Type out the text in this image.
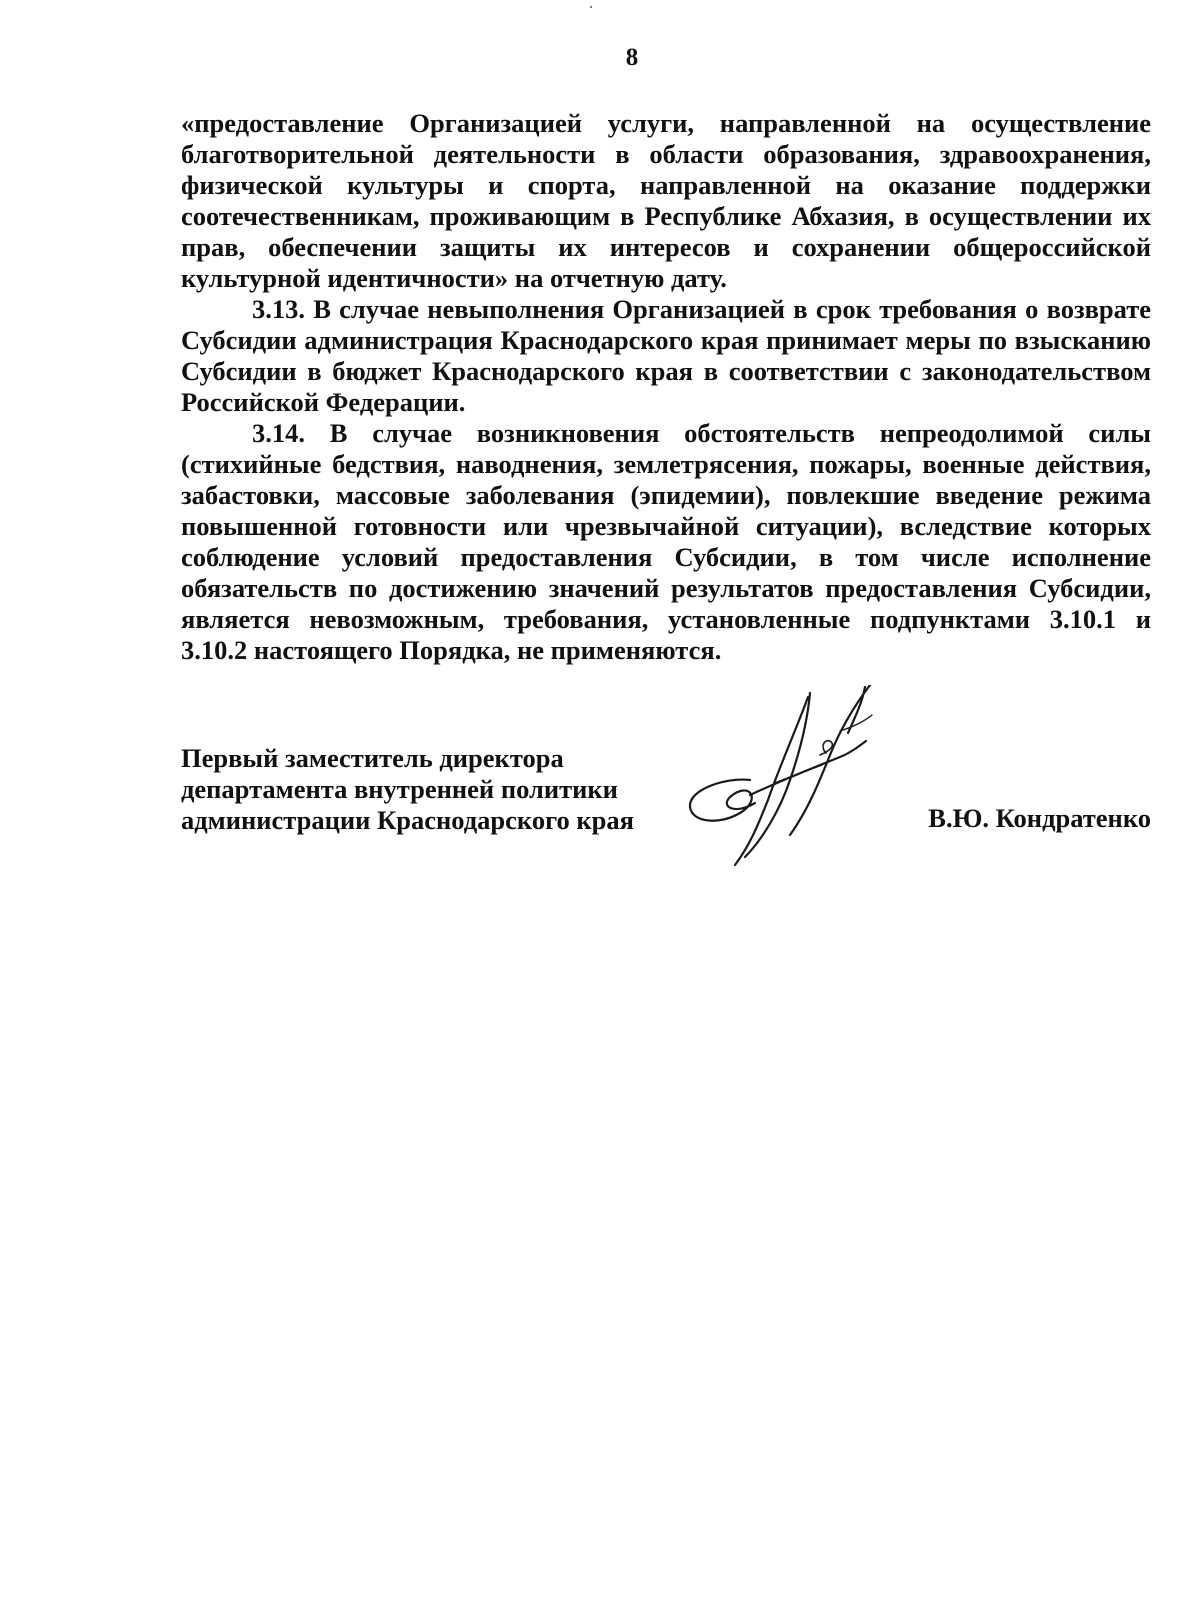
8
«предоставление Организацией услуги, направленной на осуществление
благотворительной деятельности в области образования, здравоохранения,
физической культуры и спорта, направленной на оказание поддержки
соотечественникам, проживающим в Республике Абхазия, в осуществлении их
прав, обеспечении защиты их интересов и сохранении общероссийской
культурной идентичности» на отчетную дату.
3.13. В случае невыполнения Организацией в срок требования о возврате
Субсидии администрация Краснодарского края принимает меры по взысканию
Субсидии в бюджет Краснодарского края в соответствии с законодательством
Российской Федерации.
3.14. В случае возникновения обстоятельств непреодолимой силы
(стихийные бедствия, наводнения, землетрясения, пожары, военные действия,
забастовки, массовые заболевания (эпидемии), повлекшие введение режима
повышенной готовности или чрезвычайной ситуации), вследствие которых
соблюдение условий предоставления Субсидии, в том числе исполнение
обязательств по достижению значений результатов предоставления Субсидии,
является невозможным, требования, установленные подпунктами 3.10.1 и
3.10.2 настоящего Порядка, не применяются.
Первый заместитель директора
департамента внутренней политики
администрации Краснодарского края	В.Ю. Кондратенко
